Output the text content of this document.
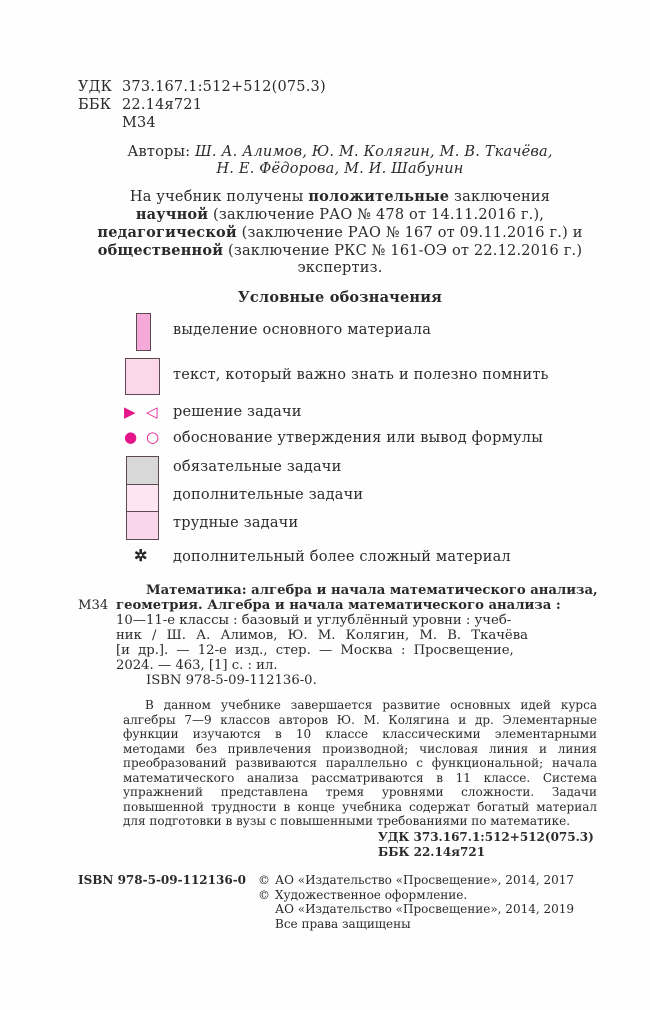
УДК 373.167.1:512+512(075.3)
ББК 22.14я721
М34
Авторы: Ш. А. Алимов, Ю. М. Колягин, М. В. Ткачёва,
Н. Е. Фёдорова, М. И. Шабунин
На учебник получены положительные заключения
научной (заключение РАО № 478 от 14.11.2016 г.),
педагогической (заключение РАО № 167 от 09.11.2016 г.) и
общественной (заключение РКС № 161-ОЭ от 22.12.2016 г.)
экспертиз.
Условные обозначения
выделение основного материала
текст, который важно знать и полезно помнить
▶ ◁ решение задачи
● ○ обоснование утверждения или вывод формулы
обязательные задачи
дополнительные задачи
трудные задачи
✲ дополнительный более сложный материал
Математика: алгебра и начала математического анализа,
М34 геометрия. Алгебра и начала математического анализа :
10—11-е классы : базовый и углублённый уровни : учеб-
ник / Ш. А. Алимов, Ю. М. Колягин, М. В. Ткачёва
[и др.]. — 12-е изд., стер. — Москва : Просвещение,
2024. — 463, [1] с. : ил.
ISBN 978-5-09-112136-0.

В данном учебнике завершается развитие основных идей курса алгебры 7—9 классов авторов Ю. М. Колягина и др. Элементарные функции изучаются в 10 классе классическими элементарными методами без привлечения производной; числовая линия и линия преобразований развиваются параллельно с функциональной; начала математического анализа рассматриваются в 11 классе. Система упражнений представлена тремя уровнями сложности. Задачи повышенной трудности в конце учебника содержат богатый материал для подготовки в вузы с повышенными требованиями по математике.

УДК 373.167.1:512+512(075.3)
ББК 22.14я721
ISBN 978-5-09-112136-0 © АО «Издательство «Просвещение», 2014, 2017
© Художественное оформление.
АО «Издательство «Просвещение», 2014, 2019
Все права защищены
